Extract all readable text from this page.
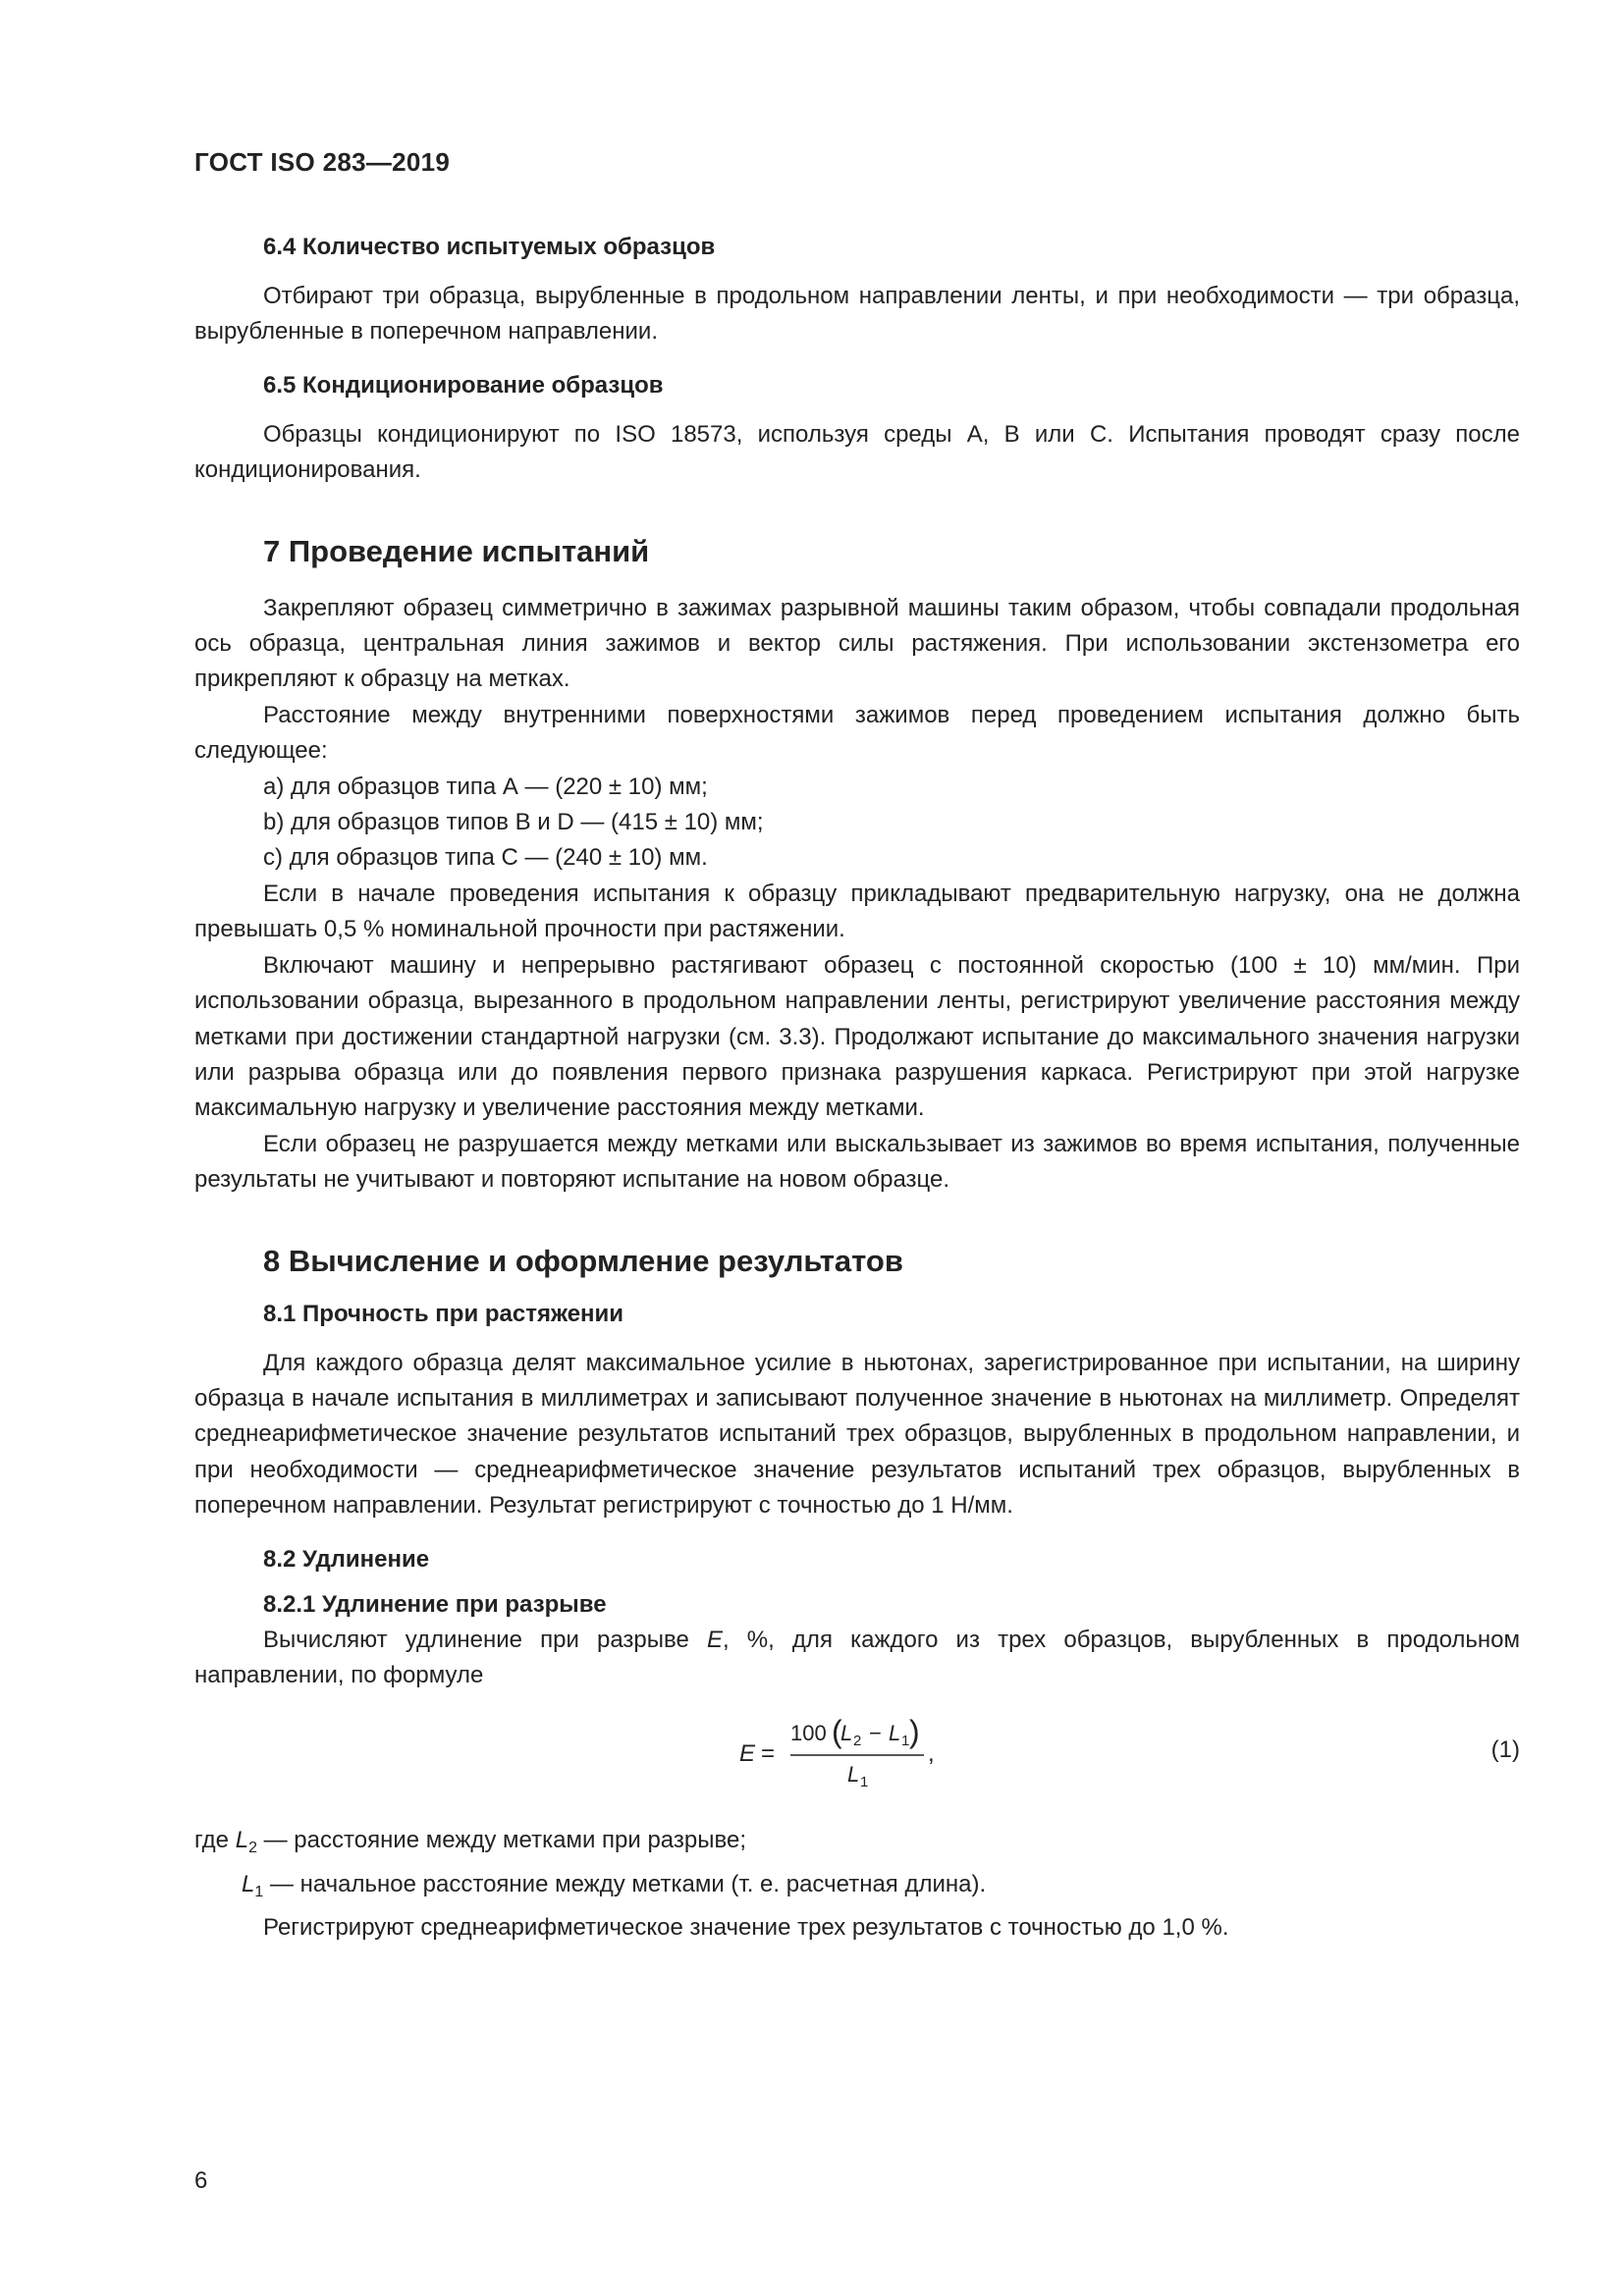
ГОСТ ISO 283—2019
6.4 Количество испытуемых образцов

Отбирают три образца, вырубленные в продольном направлении ленты, и при необходимости — три образца, вырубленные в поперечном направлении.

6.5 Кондиционирование образцов

Образцы кондиционируют по ISO 18573, используя среды А, В или С. Испытания проводят сразу после кондиционирования.

7 Проведение испытаний

Закрепляют образец симметрично в зажимах разрывной машины таким образом, чтобы совпадали продольная ось образца, центральная линия зажимов и вектор силы растяжения. При использовании экстензометра его прикрепляют к образцу на метках.

Расстояние между внутренними поверхностями зажимов перед проведением испытания должно быть следующее:

a) для образцов типа А — (220 ± 10) мм;
b) для образцов типов В и D — (415 ± 10) мм;
c) для образцов типа С — (240 ± 10) мм.

Если в начале проведения испытания к образцу прикладывают предварительную нагрузку, она не должна превышать 0,5 % номинальной прочности при растяжении.

Включают машину и непрерывно растягивают образец с постоянной скоростью (100 ± 10) мм/мин. При использовании образца, вырезанного в продольном направлении ленты, регистрируют увеличение расстояния между метками при достижении стандартной нагрузки (см. 3.3). Продолжают испытание до максимального значения нагрузки или разрыва образца или до появления первого признака разрушения каркаса. Регистрируют при этой нагрузке максимальную нагрузку и увеличение расстояния между метками.

Если образец не разрушается между метками или выскальзывает из зажимов во время испытания, полученные результаты не учитывают и повторяют испытание на новом образце.

8 Вычисление и оформление результатов
8.1 Прочность при растяжении

Для каждого образца делят максимальное усилие в ньютонах, зарегистрированное при испытании, на ширину образца в начале испытания в миллиметрах и записывают полученное значение в ньютонах на миллиметр. Определят среднеарифметическое значение результатов испытаний трех образцов, вырубленных в продольном направлении, и при необходимости — среднеарифметическое значение результатов испытаний трех образцов, вырубленных в поперечном направлении. Результат регистрируют с точностью до 1 Н/мм.

8.2 Удлинение
8.2.1 Удлинение при разрыве

Вычисляют удлинение при разрыве E, %, для каждого из трех образцов, вырубленных в продольном направлении, по формуле

E =
100 (
L 2 − L 1 )
L 1
,	(1)

где $L_2$ — расстояние между метками при разрыве;

$L_1$ — начальное расстояние между метками (т. е. расчетная длина).

Регистрируют среднеарифметическое значение трех результатов с точностью до 1,0 %.

6
